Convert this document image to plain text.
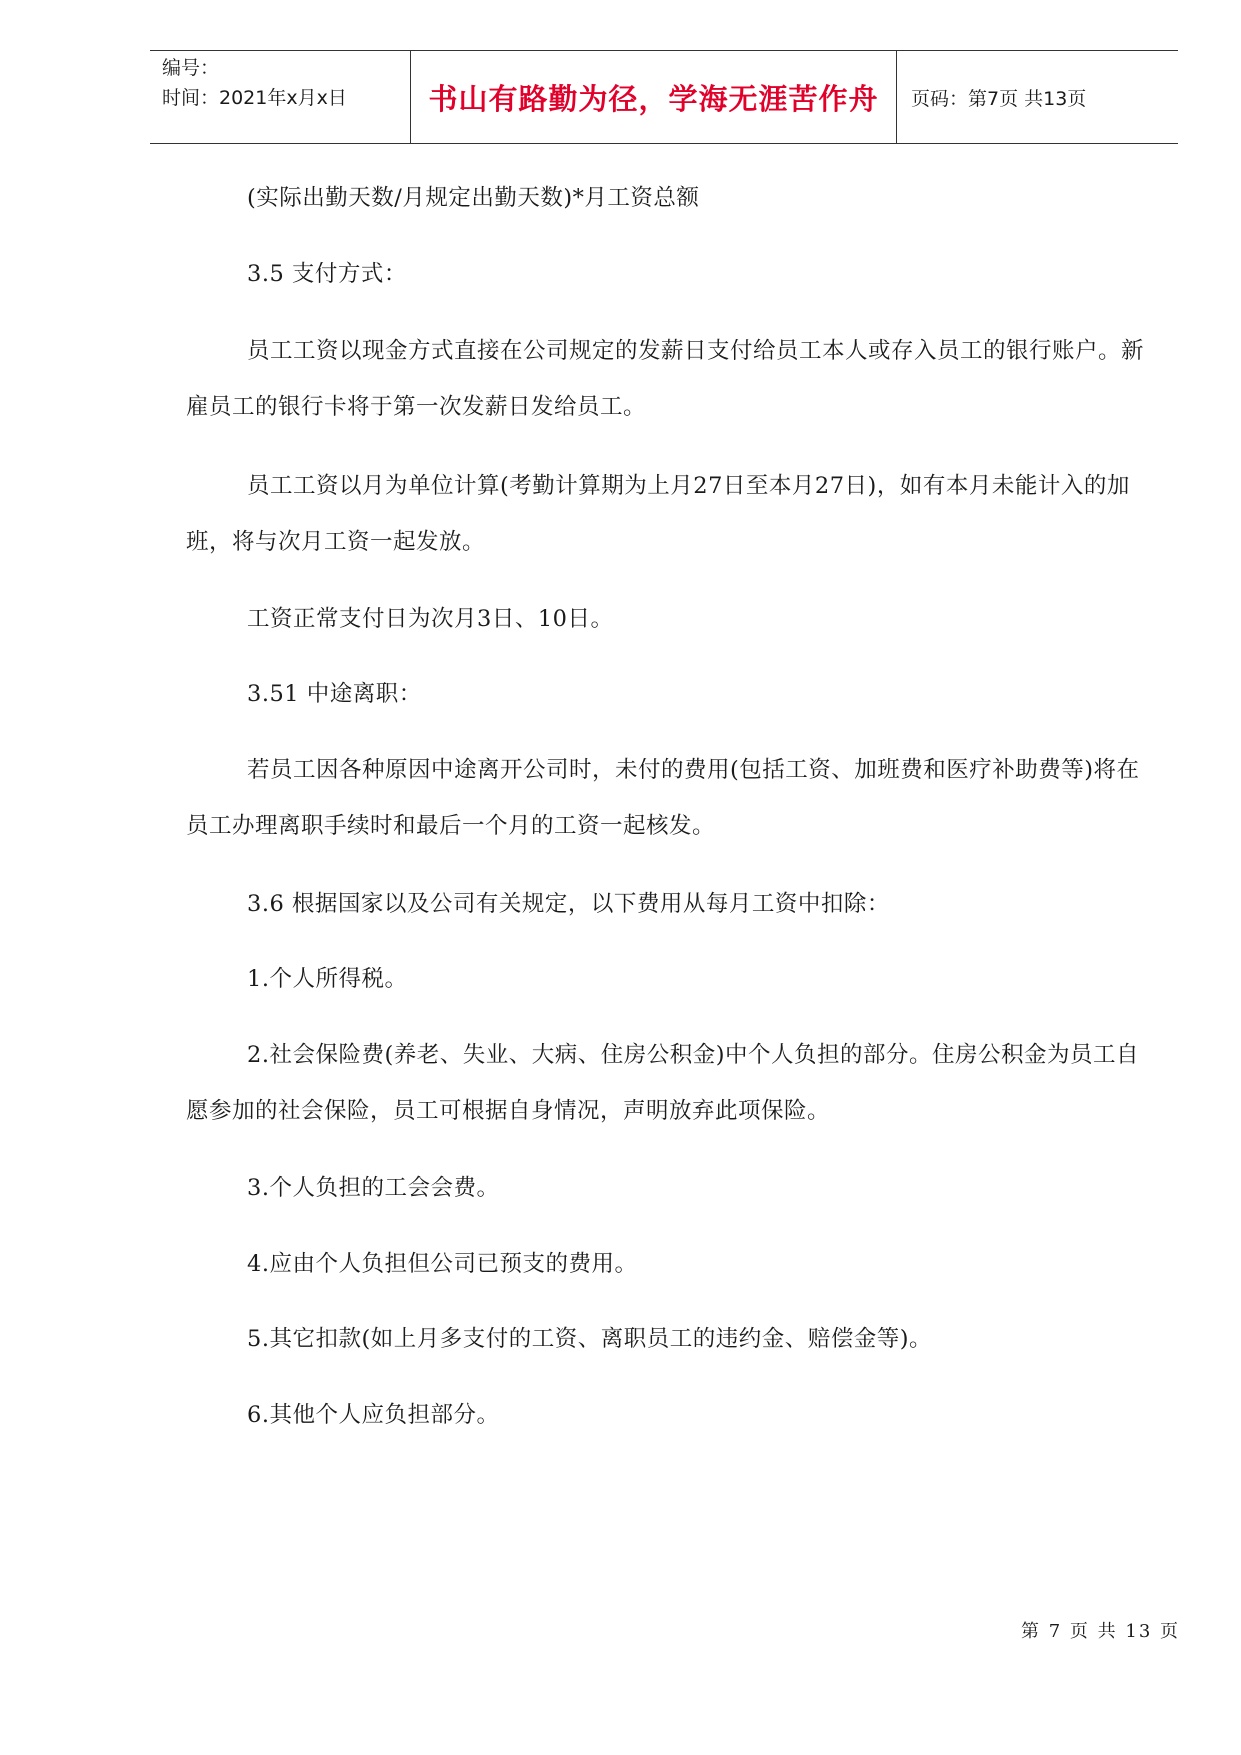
编号：
时间：2021年x月x日	书山有路勤为径，学海无涯苦作舟 页码：第7页 共13页

(实际出勤天数/月规定出勤天数)*月工资总额

3.5 支付方式：

员工工资以现金方式直接在公司规定的发薪日支付给员工本人或存入员工的银行账户。新雇员工的银行卡将于第一次发薪日发给员工。

员工工资以月为单位计算(考勤计算期为上月27日至本月27日)，如有本月未能计入的加班，将与次月工资一起发放。

工资正常支付日为次月3日、10日。

3.51 中途离职：

若员工因各种原因中途离开公司时，未付的费用(包括工资、加班费和医疗补助费等)将在员工办理离职手续时和最后一个月的工资一起核发。

3.6 根据国家以及公司有关规定，以下费用从每月工资中扣除：

1.个人所得税。

2.社会保险费(养老、失业、大病、住房公积金)中个人负担的部分。住房公积金为员工自愿参加的社会保险，员工可根据自身情况，声明放弃此项保险。

3.个人负担的工会会费。

4.应由个人负担但公司已预支的费用。

5.其它扣款(如上月多支付的工资、离职员工的违约金、赔偿金等)。

6.其他个人应负担部分。

第 7 页 共 13 页
